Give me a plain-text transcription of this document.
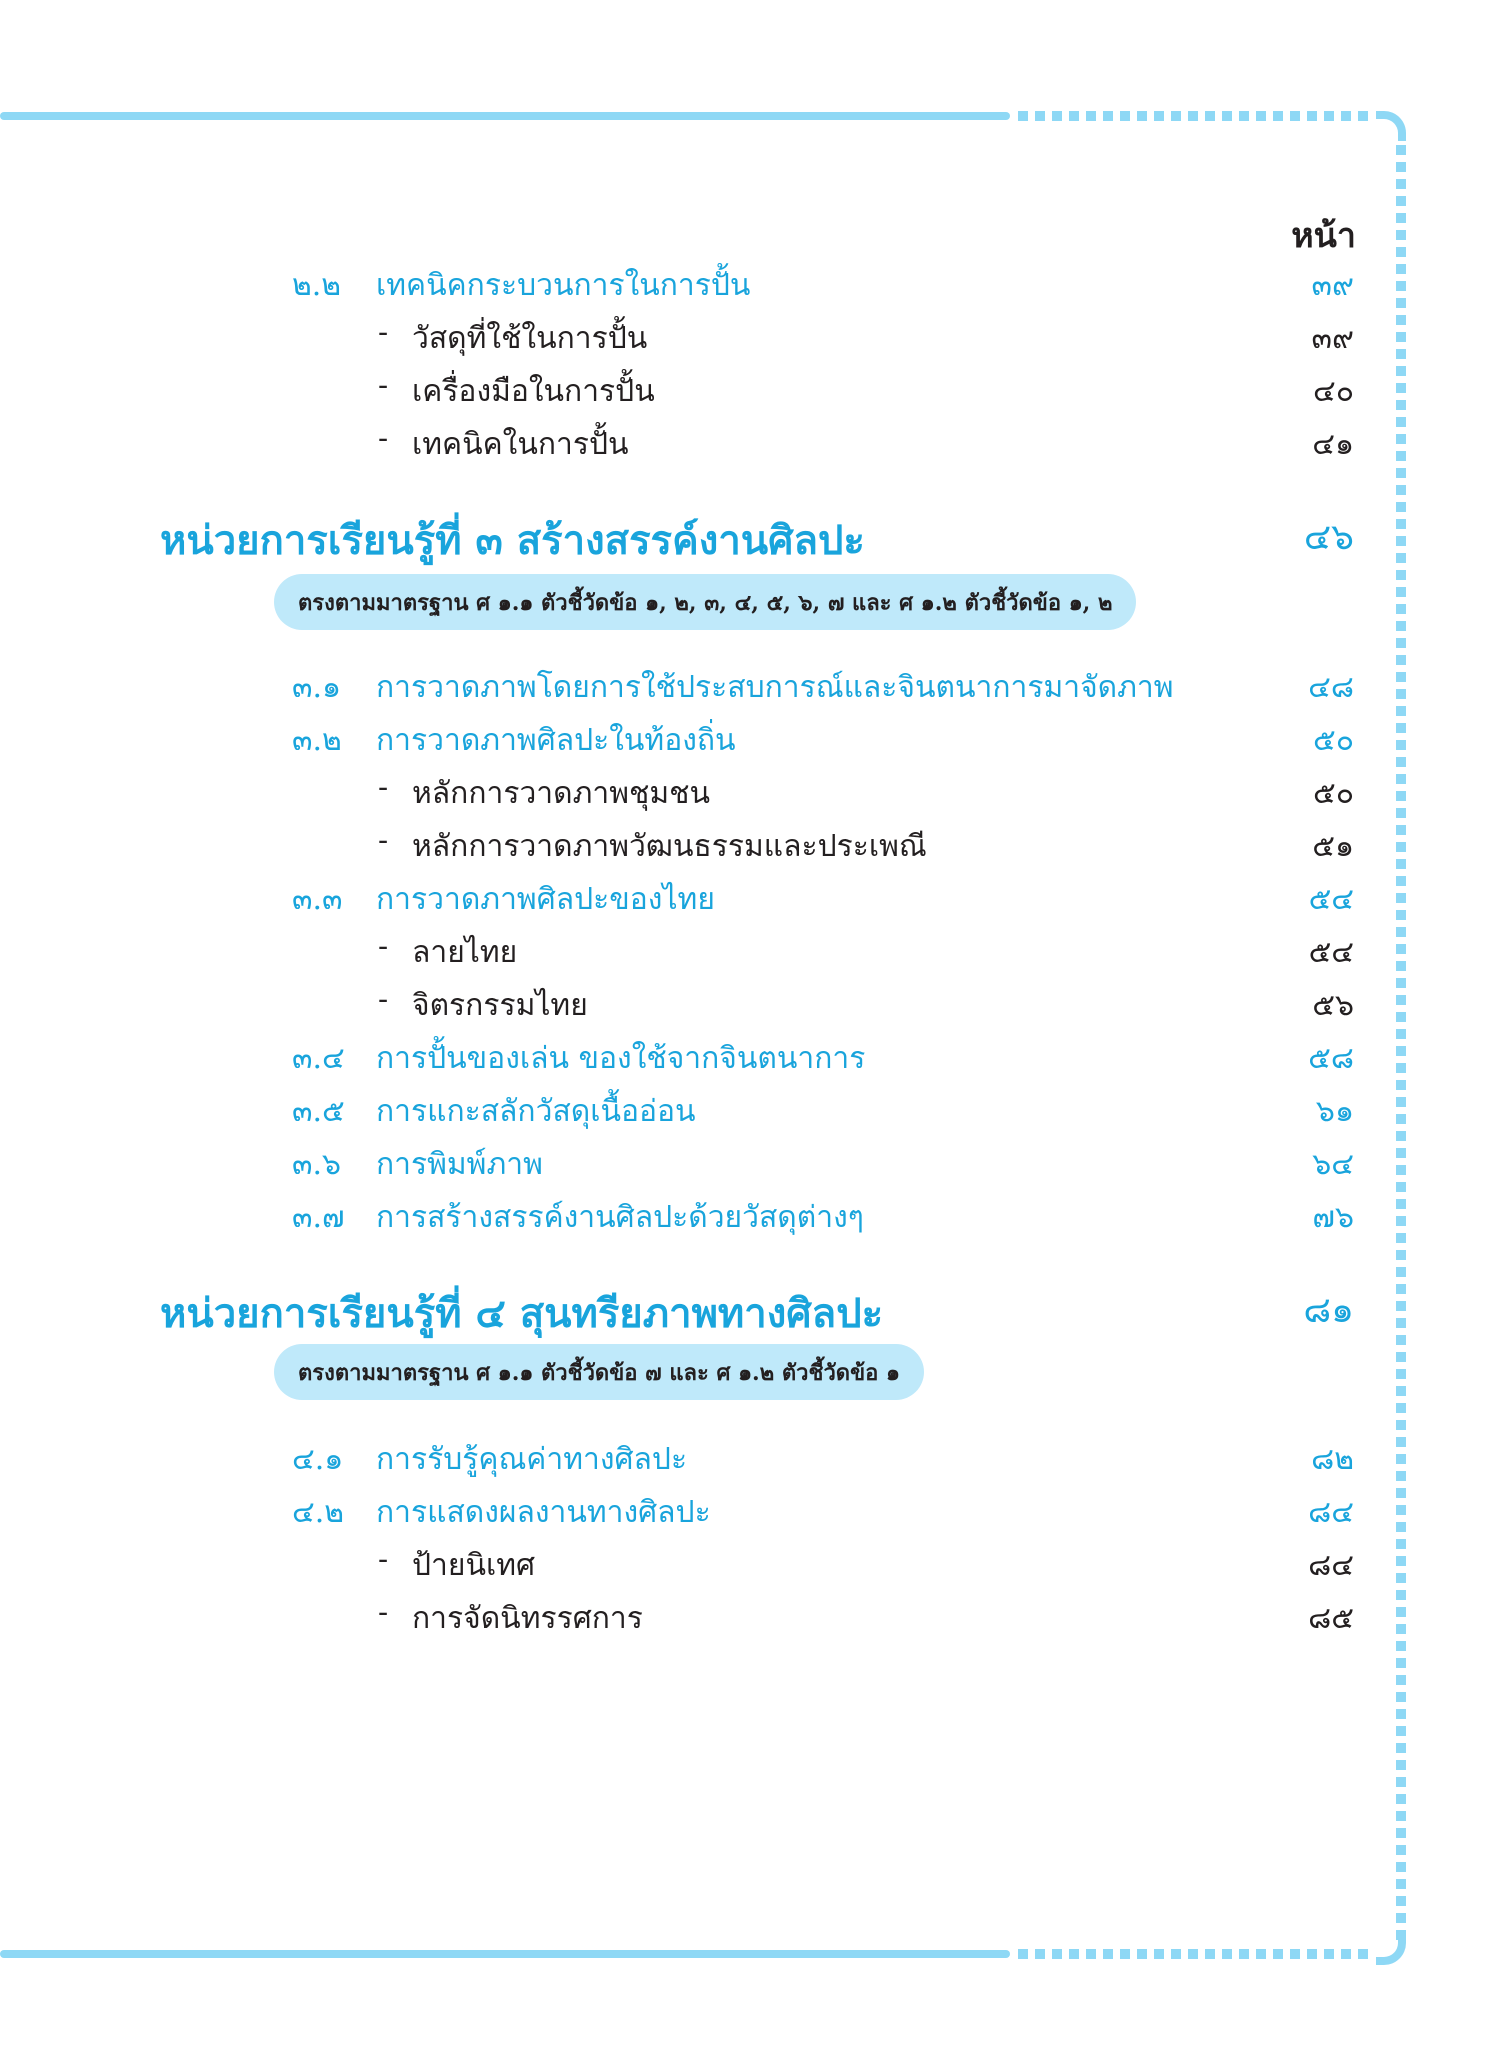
หน้า
๒.๒ เทคนิคกระบวนการในการปั้น	๓๙
- วัสดุที่ใช้ในการปั้น	๓๙
- เครื่องมือในการปั้น	๔๐
- เทคนิคในการปั้น	๔๑
หน่วยการเรียนรู้ที่ ๓ สร้างสรรค์งานศิลปะ	๔๖
ตรงตามมาตรฐาน ศ ๑.๑ ตัวชี้วัดข้อ ๑, ๒, ๓, ๔, ๕, ๖, ๗ และ ศ ๑.๒ ตัวชี้วัดข้อ ๑, ๒
๓.๑ การวาดภาพโดยการใช้ประสบการณ์และจินตนาการมาจัดภาพ	๔๘
๓.๒ การวาดภาพศิลปะในท้องถิ่น	๕๐
- หลักการวาดภาพชุมชน	๕๐
- หลักการวาดภาพวัฒนธรรมและประเพณี	๕๑
๓.๓ การวาดภาพศิลปะของไทย	๕๔
- ลายไทย	๕๔
- จิตรกรรมไทย	๕๖
๓.๔ การปั้นของเล่น ของใช้จากจินตนาการ	๕๘
๓.๕ การแกะสลักวัสดุเนื้ออ่อน	๖๑
๓.๖ การพิมพ์ภาพ	๖๔
๓.๗ การสร้างสรรค์งานศิลปะด้วยวัสดุต่างๆ	๗๖
หน่วยการเรียนรู้ที่ ๔ สุนทรียภาพทางศิลปะ	๘๑
ตรงตามมาตรฐาน ศ ๑.๑ ตัวชี้วัดข้อ ๗ และ ศ ๑.๒ ตัวชี้วัดข้อ ๑
๔.๑ การรับรู้คุณค่าทางศิลปะ	๘๒
๔.๒ การแสดงผลงานทางศิลปะ	๘๔
- ป้ายนิเทศ	๘๔
- การจัดนิทรรศการ	๘๕
